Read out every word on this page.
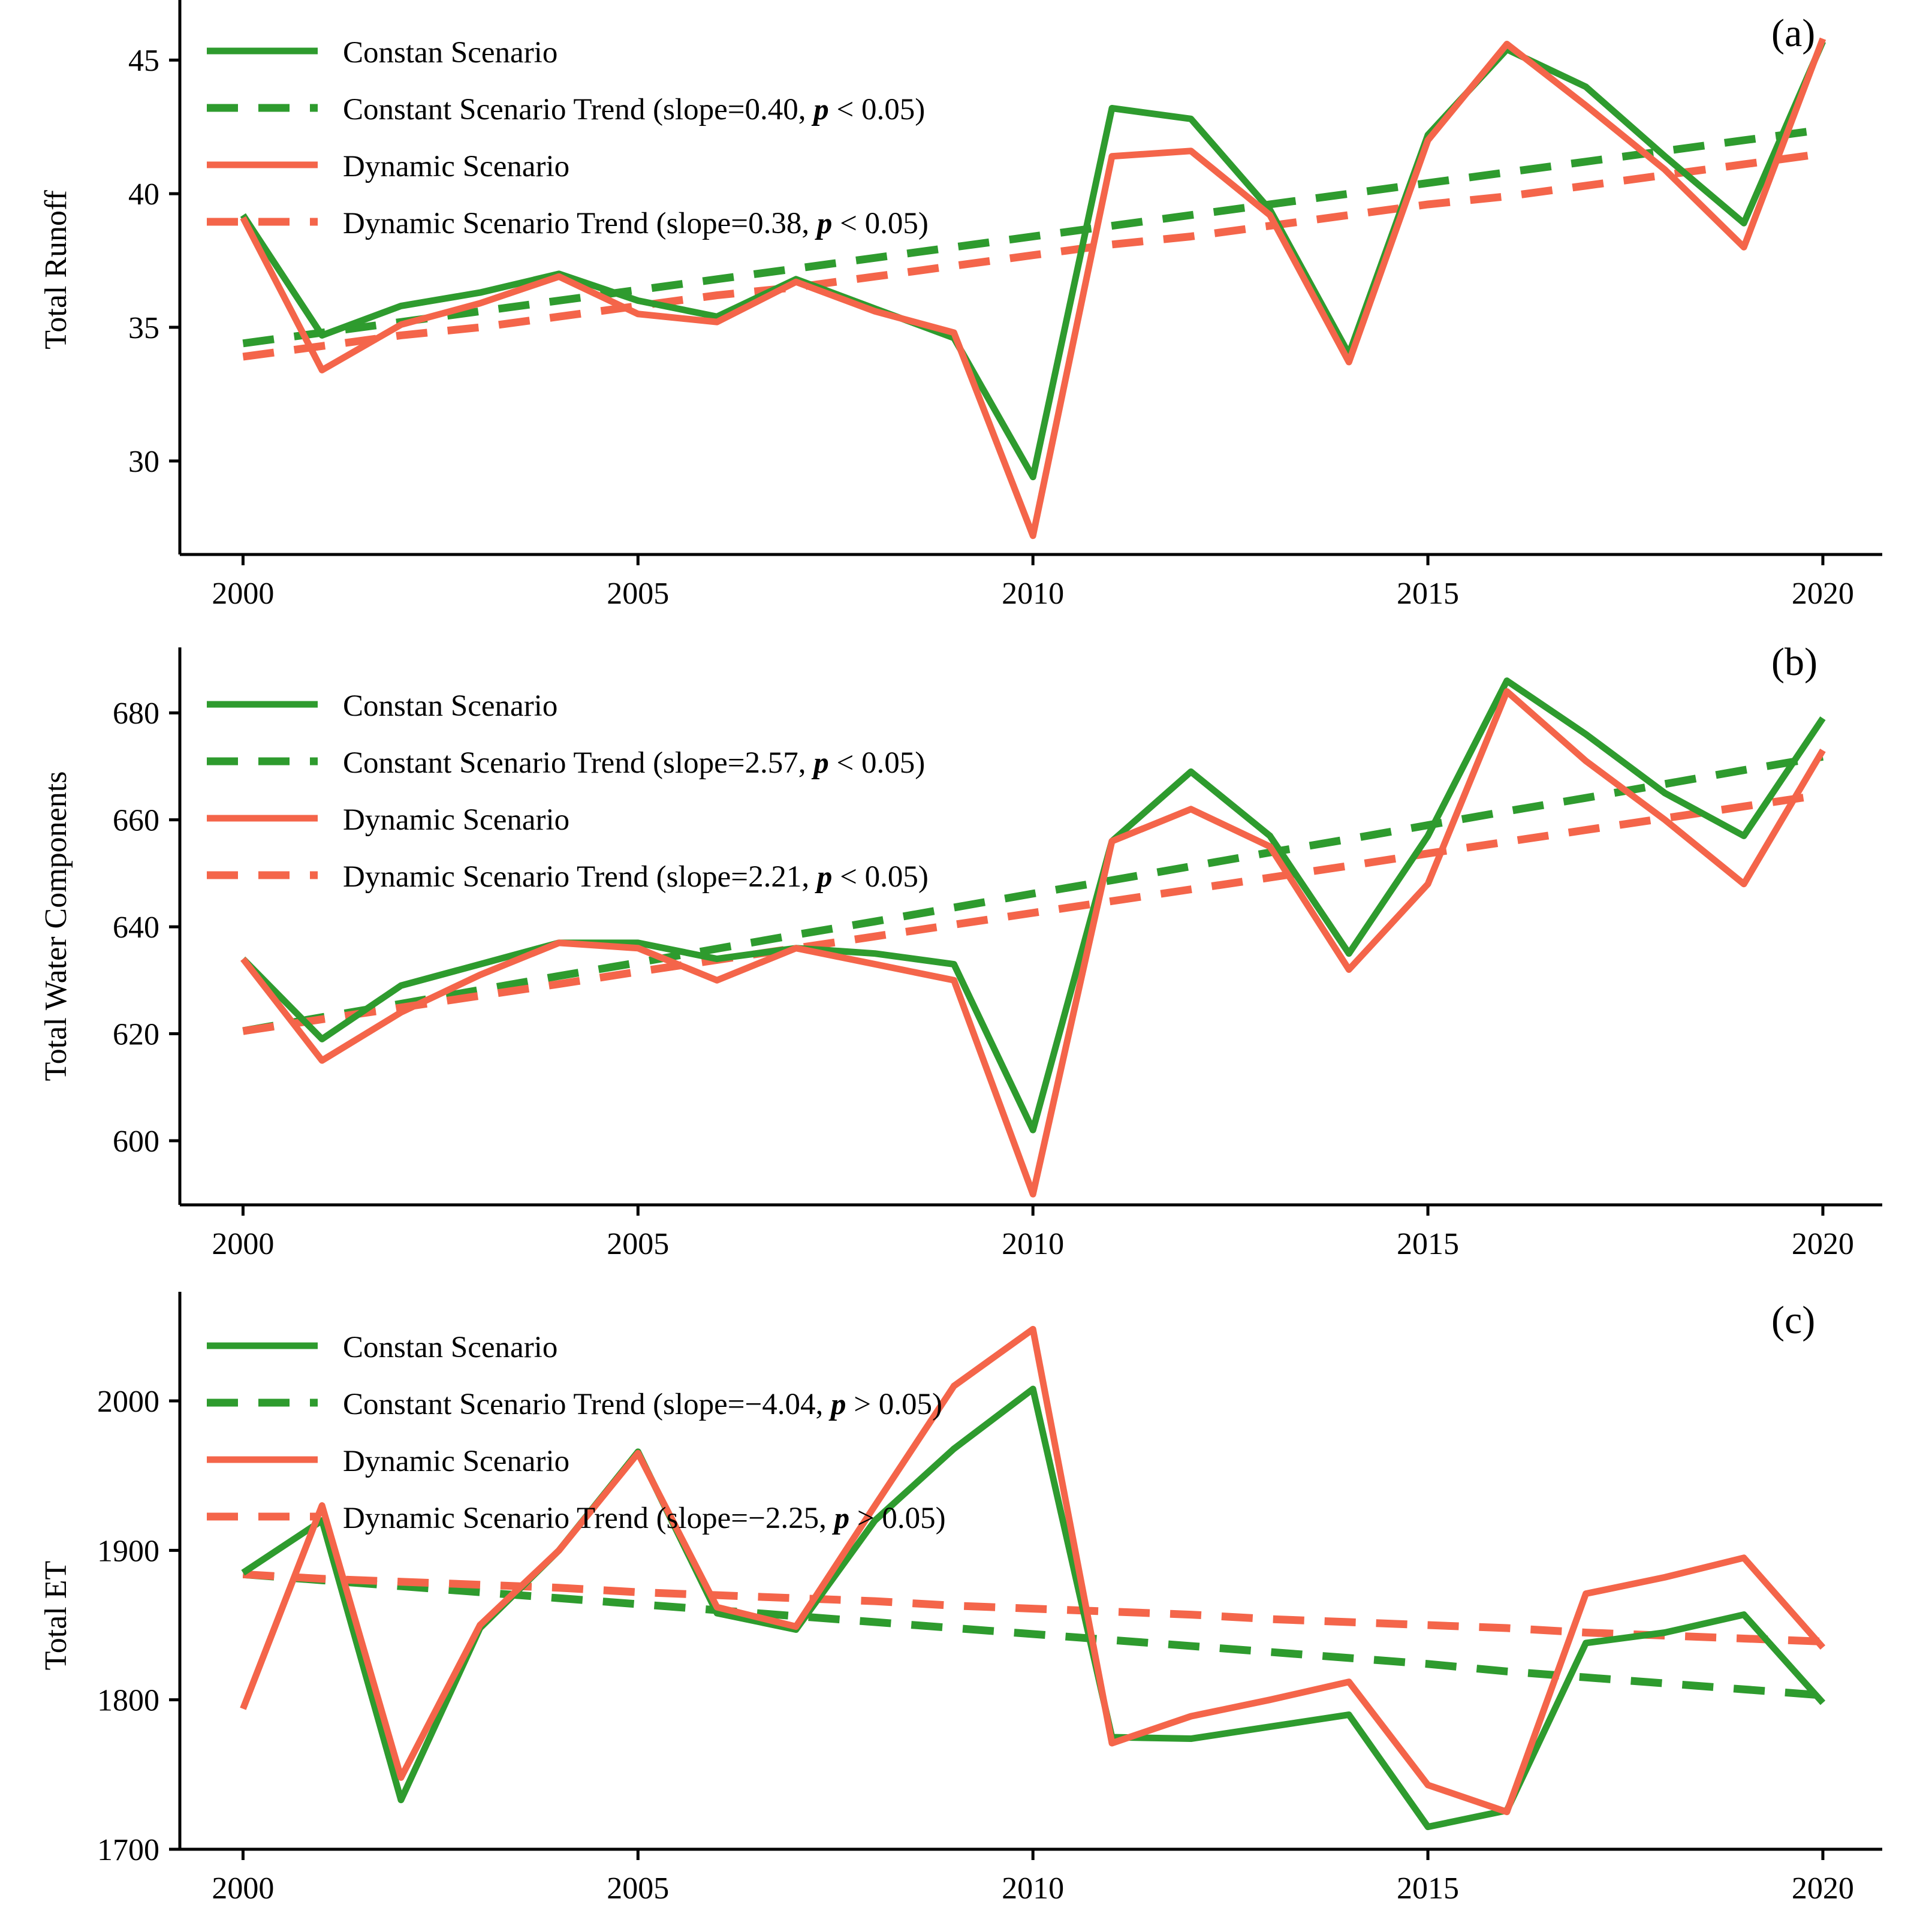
2000	2005	2010	2015	2020
30
35
40
45
Total Runoff
Constan Scenario
Constant Scenario Trend (slope=0.40, p < 0.05)
Dynamic Scenario
Dynamic Scenario Trend (slope=0.38, p < 0.05)
(a)
2000	2005	2010	2015	2020
600
620
640
660
680
Total Water Components
Constan Scenario
Constant Scenario Trend (slope=2.57, p < 0.05)
Dynamic Scenario
Dynamic Scenario Trend (slope=2.21, p < 0.05)
(b)
2000	2005	2010	2015	2020
1700
1800
1900
2000
Total ET
Constan Scenario
Constant Scenario Trend (slope=−4.04, p > 0.05)
Dynamic Scenario
Dynamic Scenario Trend (slope=−2.25, p > 0.05)
(c)
